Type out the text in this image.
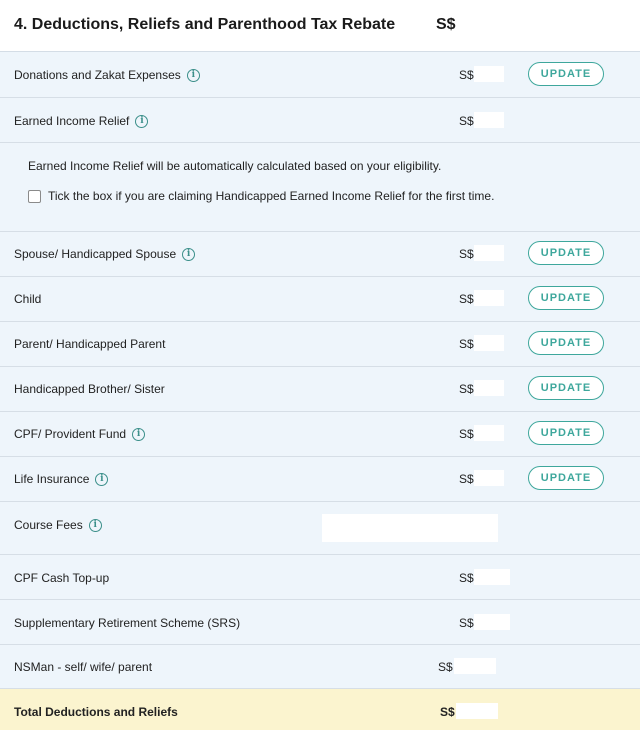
4. Deductions, Reliefs and Parenthood Tax Rebate	S$
Donations and Zakat Expenses	i	S$	UPDATE
Earned Income Relief	i	S$
Earned Income Relief will be automatically calculated based on your eligibility.
Tick the box if you are claiming Handicapped Earned Income Relief for the first time.
Spouse/ Handicapped Spouse	i	S$	UPDATE
Child	S$	UPDATE
Parent/ Handicapped Parent	S$	UPDATE
Handicapped Brother/ Sister	S$	UPDATE
CPF/ Provident Fund	i	S$	UPDATE
Life Insurance	i	S$	UPDATE
Course Fees	i
CPF Cash Top-up	S$
Supplementary Retirement Scheme (SRS)	S$
NSMan - self/ wife/ parent	S$
Total Deductions and Reliefs	S$
